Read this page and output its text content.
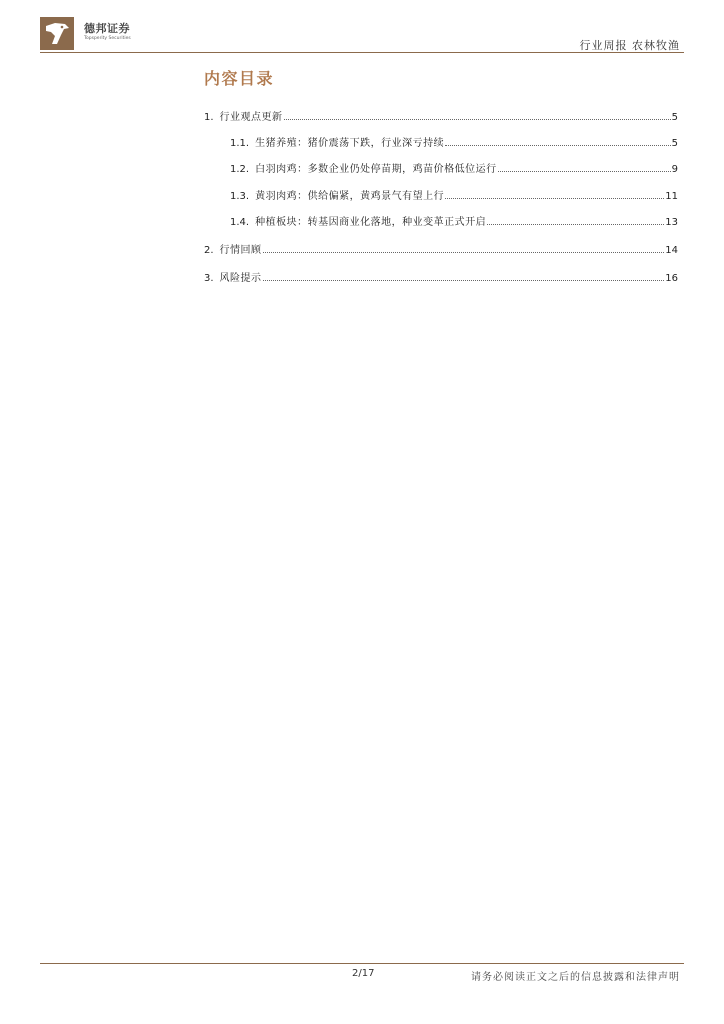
德邦证券
Topsperity Securities
行业周报 农林牧渔
内容目录
1. 行业观点更新	5
1.1. 生猪养殖：猪价震荡下跌，行业深亏持续	5
1.2. 白羽肉鸡：多数企业仍处停苗期，鸡苗价格低位运行	9
1.3. 黄羽肉鸡：供给偏紧，黄鸡景气有望上行	11
1.4. 种植板块：转基因商业化落地，种业变革正式开启	13
2. 行情回顾	14
3. 风险提示	16
2/17	请务必阅读正文之后的信息披露和法律声明
